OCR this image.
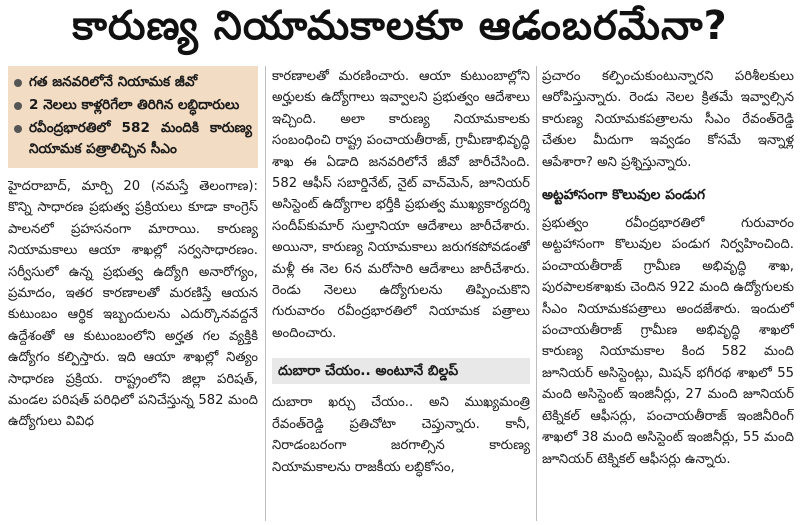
కారుణ్య నియామకాలకూ ఆడంబరమేనా?
గత జనవరిలోనే నియామక జీవో
2 నెలలు కాళ్లరిగేలా తిరిగిన లబ్ధిదారులు
రవీంద్రభారతిలో 582 మందికి కారుణ్య నియామక పత్రాలిచ్చిన సీఎం

హైదరాబాద్, మార్చి 20 (నమస్తే తెలంగాణ): కొన్ని సాధారణ ప్రభుత్వ ప్రక్రియలు కూడా కాంగ్రెస్ పాలనలో ప్రహసనంగా మారాయి. కారుణ్య నియామకాలు ఆయా శాఖల్లో సర్వసాధారణం. సర్వీసులో ఉన్న ప్రభుత్వ ఉద్యోగి అనారోగ్యం, ప్రమాదం, ఇతర కారణాలతో మరణిస్తే ఆయన కుటుంబం ఆర్థిక ఇబ్బందులను ఎదుర్కొనవద్దనే ఉద్దేశంతో ఆ కుటుంబంలోని అర్హత గల వ్యక్తికి ఉద్యోగం కల్పిస్తారు. ఇది ఆయా శాఖల్లో నిత్యం సాధారణ ప్రక్రియ. రాష్ట్రంలోని జిల్లా పరిషత్, మండల పరిషత్ పరిధిలో పనిచేస్తున్న 582 మంది ఉద్యోగులు వివిధ

కారణాలతో మరణించారు. ఆయా కుటుంబాల్లోని అర్హులకు ఉద్యోగాలు ఇవ్వాలని ప్రభుత్వం ఆదేశాలు ఇచ్చింది. అలా కారుణ్య నియామకాలకు సంబంధించి రాష్ట్ర పంచాయతీరాజ్, గ్రామీణాభివృద్ధి శాఖ ఈ ఏడాది జనవరిలోనే జీవో జారీచేసింది. 582 ఆఫీస్ సబార్డినేట్, నైట్ వాచ్‌మెన్, జూనియర్ అసిస్టెంట్ ఉద్యోగాల భర్తీకి ప్రభుత్వ ముఖ్యకార్యదర్శి సందీప్‌కుమార్ సుల్తానియా ఆదేశాలు జారీచేశారు. అయినా, కారుణ్య నియామకాలు జరుగకపోవడంతో మళ్లీ ఈ నెల 6న మరోసారి ఆదేశాలు జారీచేశారు. రెండు నెలలు ఉద్యోగులను తిప్పించుకొని గురువారం రవీంద్రభారతిలో నియామక పత్రాలు అందించారు.

దుబారా చేయం.. అంటూనే బిల్డప్

దుబారా ఖర్చు చేయం.. అని ముఖ్యమంత్రి రేవంత్‌రెడ్డి ప్రతిచోటా చెప్తున్నారు. కానీ, నిరాడంబరంగా జరగాల్సిన కారుణ్య నియామకాలను రాజకీయ లబ్ధికోసం,

ప్రచారం కల్పించుకుంటున్నారని పరిశీలకులు ఆరోపిస్తున్నారు. రెండు నెలల క్రితమే ఇవ్వాల్సిన కారుణ్య నియామకపత్రాలను సీఎం రేవంత్‌రెడ్డి చేతుల మీదుగా ఇవ్వడం కోసమే ఇన్నాళ్ల ఆపేశారా? అని ప్రశ్నిస్తున్నారు.

అట్టహాసంగా కొలువుల పండుగ

ప్రభుత్వం రవీంద్రభారతిలో గురువారం అట్టహాసంగా కొలువుల పండుగ నిర్వహించింది. పంచాయతీరాజ్ గ్రామీణ అభివృద్ధి శాఖ, పురపాలకశాఖకు చెందిన 922 మంది ఉద్యోగులకు సీఎం నియామకపత్రాలు అందజేశారు. ఇందులో పంచాయతీరాజ్ గ్రామీణ అభివృద్ధి శాఖలో కారుణ్య నియామకాల కింద 582 మంది జూనియర్ అసిస్టెంట్లు, మిషన్ భగీరథ శాఖలో 55 మంది అసిస్టెంట్ ఇంజినీర్లు, 27 మంది జూనియర్ టెక్నికల్ ఆఫీసర్లు, పంచాయతీరాజ్ ఇంజినీరింగ్ శాఖలో 38 మంది అసిస్టెంట్ ఇంజినీర్లు, 55 మంది జూనియర్ టెక్నికల్ ఆఫీసర్లు ఉన్నారు.
